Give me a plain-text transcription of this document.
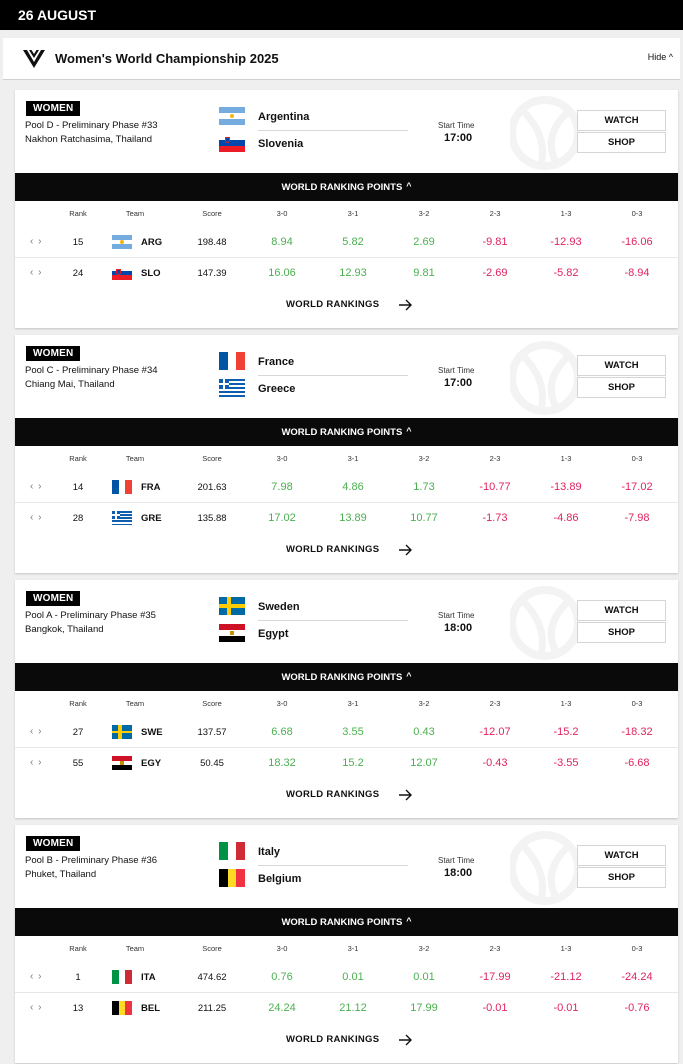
26 AUGUST
Women's World Championship 2025	Hide ^
WOMEN
Pool D - Preliminary Phase #33
Nakhon Ratchasima, Thailand
Argentina
Slovenia
Start Time
17:00
WATCH
SHOP
WORLD RANKING POINTS ^
Rank	Team	Score	3-0	3-1	3-2	2-3	1-3	0-3
‹ ›	15	ARG	198.48	8.94	5.82	2.69	-9.81	-12.93	-16.06
‹ ›	24	SLO	147.39	16.06	12.93	9.81	-2.69	-5.82	-8.94
WORLD RANKINGS
WOMEN
Pool C - Preliminary Phase #34
Chiang Mai, Thailand
France
Greece
Start Time
17:00
WATCH
SHOP
WORLD RANKING POINTS ^
Rank	Team	Score	3-0	3-1	3-2	2-3	1-3	0-3
‹ ›	14	FRA	201.63	7.98	4.86	1.73	-10.77	-13.89	-17.02
‹ ›	28	GRE	135.88	17.02	13.89	10.77	-1.73	-4.86	-7.98
WORLD RANKINGS
WOMEN
Pool A - Preliminary Phase #35
Bangkok, Thailand
Sweden
Egypt
Start Time
18:00
WATCH
SHOP
WORLD RANKING POINTS ^
Rank	Team	Score	3-0	3-1	3-2	2-3	1-3	0-3
‹ ›	27	SWE	137.57	6.68	3.55	0.43	-12.07	-15.2	-18.32
‹ ›	55	EGY	50.45	18.32	15.2	12.07	-0.43	-3.55	-6.68
WORLD RANKINGS
WOMEN
Pool B - Preliminary Phase #36
Phuket, Thailand
Italy
Belgium
Start Time
18:00
WATCH
SHOP
WORLD RANKING POINTS ^
Rank	Team	Score	3-0	3-1	3-2	2-3	1-3	0-3
‹ ›	1	ITA	474.62	0.76	0.01	0.01	-17.99	-21.12	-24.24
‹ ›	13	BEL	211.25	24.24	21.12	17.99	-0.01	-0.01	-0.76
WORLD RANKINGS
